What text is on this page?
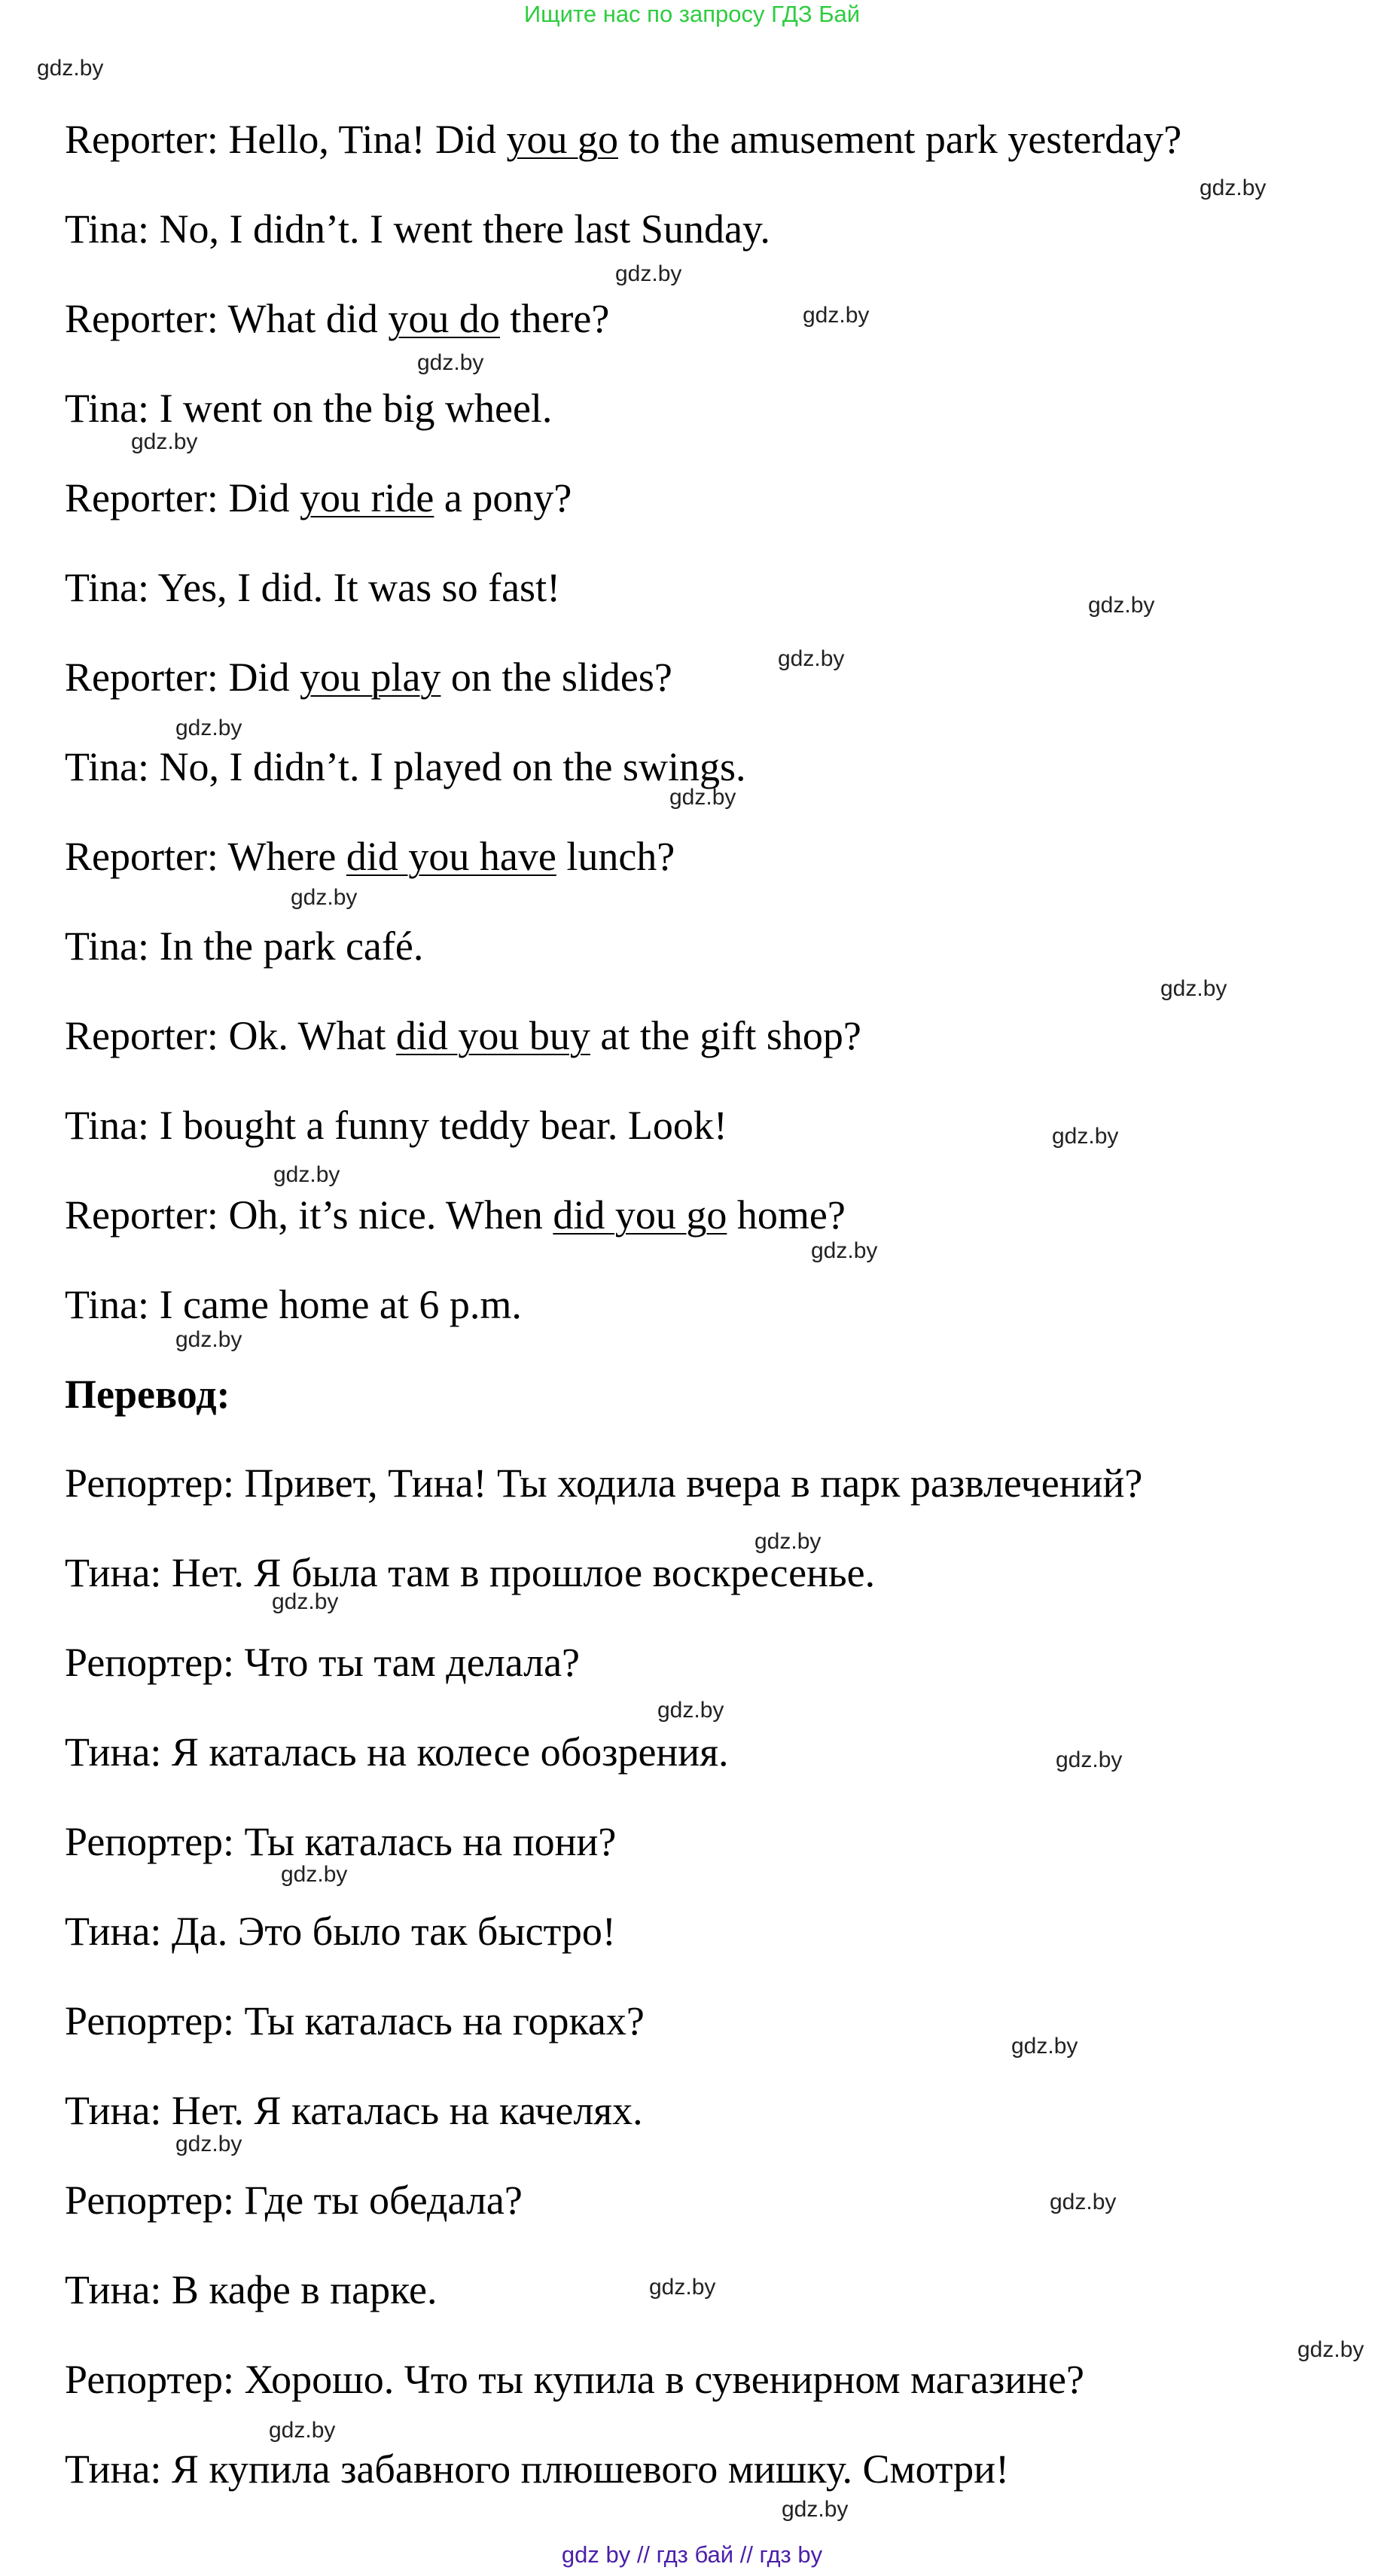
Ищите нас по запросу ГДЗ Бай
Reporter: Hello, Tina! Did you go to the amusement park yesterday?
Tina: No, I didn’t. I went there last Sunday.
Reporter: What did you do there?
Tina: I went on the big wheel.
Reporter: Did you ride a pony?
Tina: Yes, I did. It was so fast!
Reporter: Did you play on the slides?
Tina: No, I didn’t. I played on the swings.
Reporter: Where did you have lunch?
Tina: In the park café.
Reporter: Ok. What did you buy at the gift shop?
Tina: I bought a funny teddy bear. Look!
Reporter: Oh, it’s nice. When did you go home?
Tina: I came home at 6 p.m.
Перевод:
Репортер: Привет, Тина! Ты ходила вчера в парк развлечений?
Тина: Нет. Я была там в прошлое воскресенье.
Репортер: Что ты там делала?
Тина: Я каталась на колесе обозрения.
Репортер: Ты каталась на пони?
Тина: Да. Это было так быстро!
Репортер: Ты каталась на горках?
Тина: Нет. Я каталась на качелях.
Репортер: Где ты обедала?
Тина: В кафе в парке.
Репортер: Хорошо. Что ты купила в сувенирном магазине?
Тина: Я купила забавного плюшевого мишку. Смотри!
gdz.by
gdz.by
gdz.by
gdz.by
gdz.by
gdz.by
gdz.by
gdz.by
gdz.by
gdz.by
gdz.by
gdz.by
gdz.by
gdz.by
gdz.by
gdz.by
gdz.by
gdz.by
gdz.by
gdz.by
gdz.by
gdz.by
gdz.by
gdz.by
gdz.by
gdz.by
gdz.by
gdz.by
gdz by // гдз бай // гдз by
